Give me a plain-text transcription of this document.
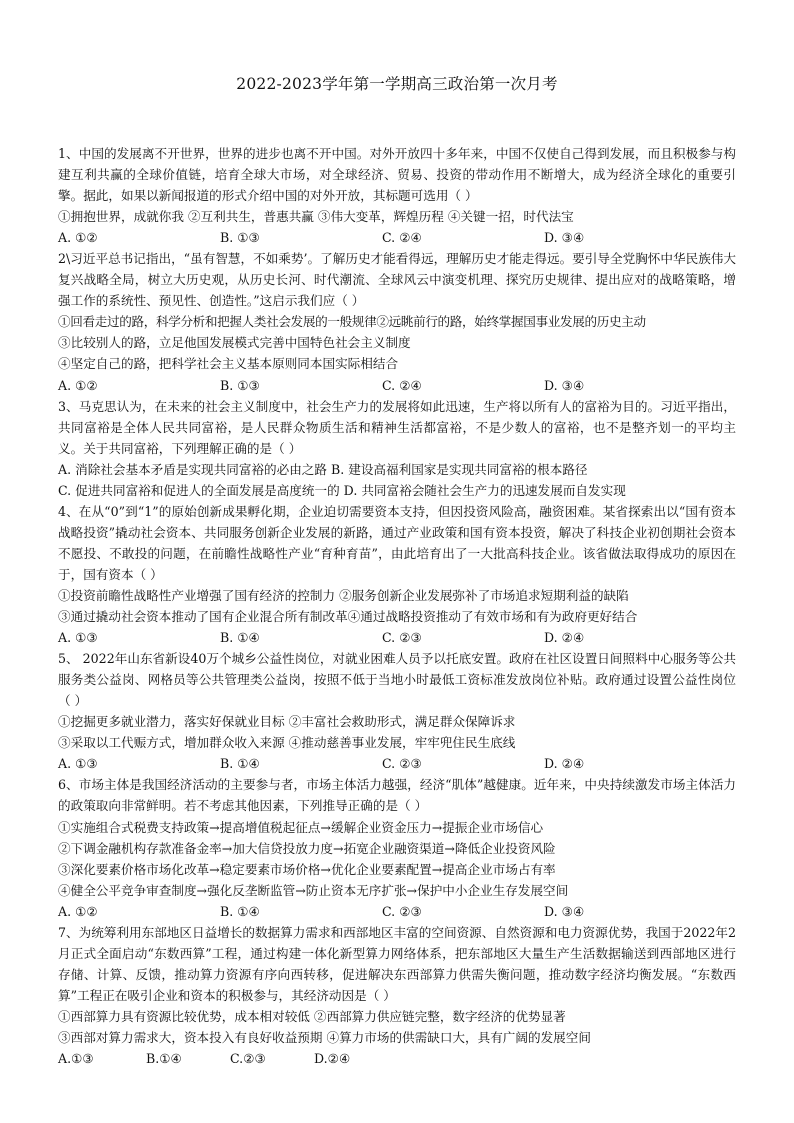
2022-2023学年第一学期高三政治第一次月考

1、中国的发展离不开世界，世界的进步也离不开中国。对外开放四十多年来，中国不仅使自己得到发展，而且积极参与构建互利共赢的全球价值链，培育全球大市场，对全球经济、贸易、投资的带动作用不断增大，成为经济全球化的重要引擎。据此，如果以新闻报道的形式介绍中国的对外开放，其标题可选用（ ）

①拥抱世界，成就你我 ②互利共生，普惠共赢 ③伟大变革，辉煌历程 ④关键一招，时代法宝

A. ①②	B. ①③	C. ②④	D. ③④

2\习近平总书记指出，“虽有智慧，不如乘势’。了解历史才能看得远，理解历史才能走得远。要引导全党胸怀中华民族伟大复兴战略全局，树立大历史观，从历史长河、时代潮流、全球风云中演变机理、探究历史规律、提出应对的战略策略，增强工作的系统性、预见性、创造性。”这启示我们应（ ）

①回看走过的路，科学分析和把握人类社会发展的一般规律②远眺前行的路，始终掌握国事业发展的历史主动

③比较别人的路，立足他国发展模式完善中国特色社会主义制度

④坚定自己的路，把科学社会主义基本原则同本国实际相结合

A. ①②	B. ①③	C. ②④	D. ③④

3、马克思认为，在未来的社会主义制度中，社会生产力的发展将如此迅速，生产将以所有人的富裕为目的。习近平指出，共同富裕是全体人民共同富裕，是人民群众物质生活和精神生活都富裕，不是少数人的富裕，也不是整齐划一的平均主义。关于共同富裕，下列理解正确的是（ ）

A. 消除社会基本矛盾是实现共同富裕的必由之路 B. 建设高福利国家是实现共同富裕的根本路径

C. 促进共同富裕和促进人的全面发展是高度统一的 D. 共同富裕会随社会生产力的迅速发展而自发实现

4、在从“0”到“1”的原始创新成果孵化期，企业迫切需要资本支持，但因投资风险高，融资困难。某省探索出以“国有资本战略投资”撬动社会资本、共同服务创新企业发展的新路，通过产业政策和国有资本投资，解决了科技企业初创期社会资本不愿投、不敢投的问题，在前瞻性战略性产业“育种育苗”，由此培育出了一大批高科技企业。该省做法取得成功的原因在于，国有资本（ ）

①投资前瞻性战略性产业增强了国有经济的控制力 ②服务创新企业发展弥补了市场追求短期利益的缺陷

③通过撬动社会资本推动了国有企业混合所有制改革④通过战略投资推动了有效市场和有为政府更好结合

A. ①③	B. ①④	C. ②③	D. ②④

5、 2022年山东省新设40万个城乡公益性岗位，对就业困难人员予以托底安置。政府在社区设置日间照料中心服务等公共服务类公益岗、网格员等公共管理类公益岗，按照不低于当地小时最低工资标准发放岗位补贴。政府通过设置公益性岗位（ ）

①挖掘更多就业潜力，落实好保就业目标 ②丰富社会救助形式，满足群众保障诉求

③采取以工代赈方式，增加群众收入来源 ④推动慈善事业发展，牢牢兜住民生底线

A. ①③	B. ①④	C. ②③	D. ②④

6、市场主体是我国经济活动的主要参与者，市场主体活力越强，经济“肌体”越健康。近年来，中央持续激发市场主体活力的政策取向非常鲜明。若不考虑其他因素，下列推导正确的是（ ）

①实施组合式税费支持政策→提高增值税起征点→缓解企业资金压力→提振企业市场信心

②下调金融机构存款准备金率→加大信贷投放力度→拓宽企业融资渠道→降低企业投资风险

③深化要素价格市场化改革→稳定要素市场价格→优化企业要素配置→提高企业市场占有率

④健全公平竞争审查制度→强化反垄断监管→防止资本无序扩张→保护中小企业生存发展空间

A. ①②	B. ①④	C. ②③	D. ③④

7、为统筹利用东部地区日益增长的数据算力需求和西部地区丰富的空间资源、自然资源和电力资源优势，我国于2022年2月正式全面启动“东数西算”工程，通过构建一体化新型算力网络体系，把东部地区大量生产生活数据输送到西部地区进行存储、计算、反馈，推动算力资源有序向西转移，促进解决东西部算力供需失衡问题，推动数字经济均衡发展。“东数西算”工程正在吸引企业和资本的积极参与，其经济动因是（ ）

①西部算力具有资源比较优势，成本相对较低 ②西部算力供应链完整，数字经济的优势显著

③西部对算力需求大，资本投入有良好收益预期 ④算力市场的供需缺口大，具有广阔的发展空间

A.①③	B.①④	C.②③	D.②④
